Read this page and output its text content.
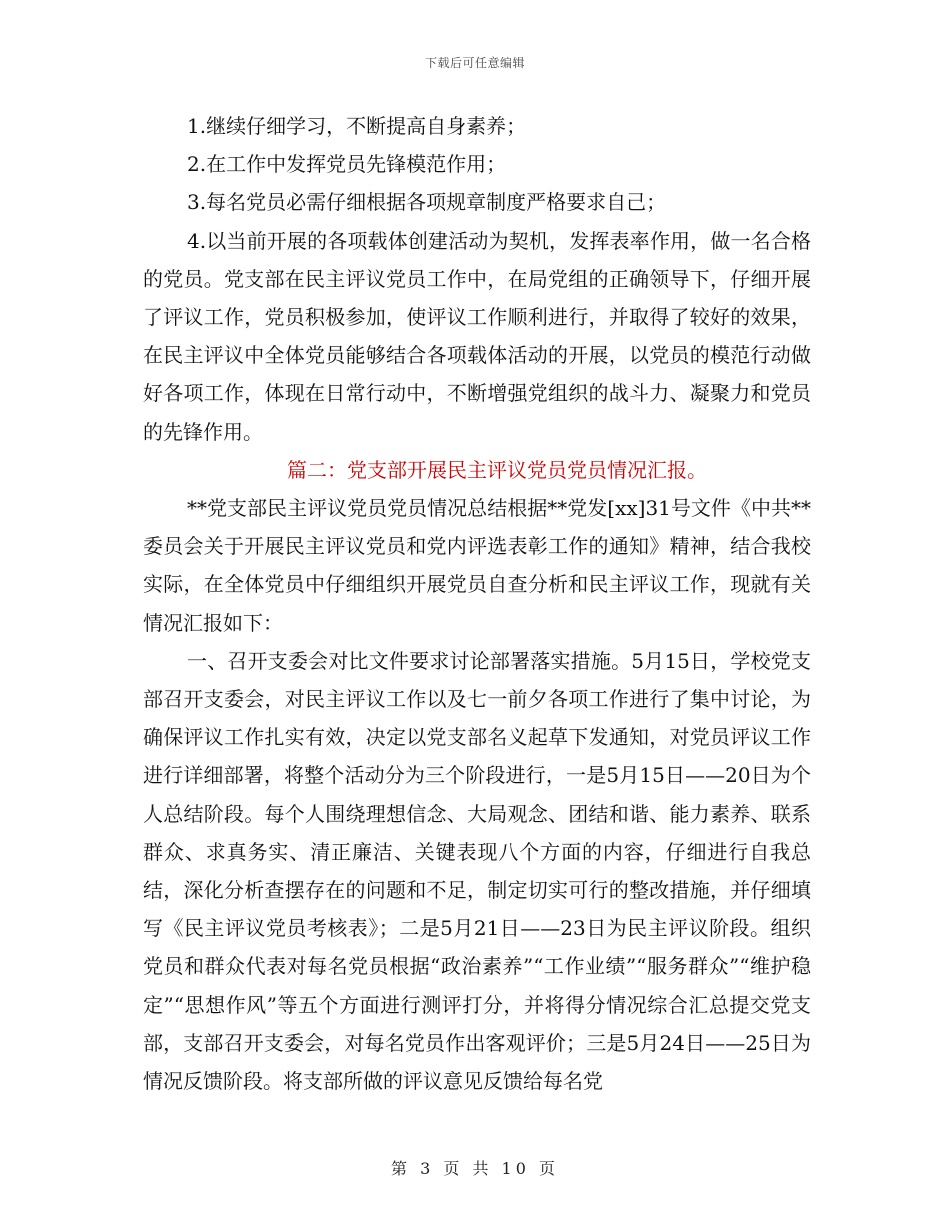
下载后可任意编辑

1.继续仔细学习，不断提高自身素养；

2.在工作中发挥党员先锋模范作用；

3.每名党员必需仔细根据各项规章制度严格要求自己；

4.以当前开展的各项载体创建活动为契机，发挥表率作用，做一名合格的党员。党支部在民主评议党员工作中，在局党组的正确领导下，仔细开展了评议工作，党员积极参加，使评议工作顺利进行，并取得了较好的效果，在民主评议中全体党员能够结合各项载体活动的开展，以党员的模范行动做好各项工作，体现在日常行动中，不断增强党组织的战斗力、凝聚力和党员的先锋作用。

篇二：党支部开展民主评议党员党员情况汇报。

**党支部民主评议党员党员情况总结根据**党发[xx]31号文件《中共**委员会关于开展民主评议党员和党内评选表彰工作的通知》精神，结合我校实际，在全体党员中仔细组织开展党员自查分析和民主评议工作，现就有关情况汇报如下：

一、召开支委会对比文件要求讨论部署落实措施。5月15日，学校党支部召开支委会，对民主评议工作以及七一前夕各项工作进行了集中讨论，为确保评议工作扎实有效，决定以党支部名义起草下发通知，对党员评议工作进行详细部署，将整个活动分为三个阶段进行，一是5月15日——20日为个人总结阶段。每个人围绕理想信念、大局观念、团结和谐、能力素养、联系群众、求真务实、清正廉洁、关键表现八个方面的内容，仔细进行自我总结，深化分析查摆存在的问题和不足，制定切实可行的整改措施，并仔细填写《民主评议党员考核表》；二是5月21日——23日为民主评议阶段。组织党员和群众代表对每名党员根据“政治素养”“工作业绩”“服务群众”“维护稳定”“思想作风”等五个方面进行测评打分，并将得分情况综合汇总提交党支部，支部召开支委会，对每名党员作出客观评价；三是5月24日——25日为情况反馈阶段。将支部所做的评议意见反馈给每名党

第 3 页 共 10 页
